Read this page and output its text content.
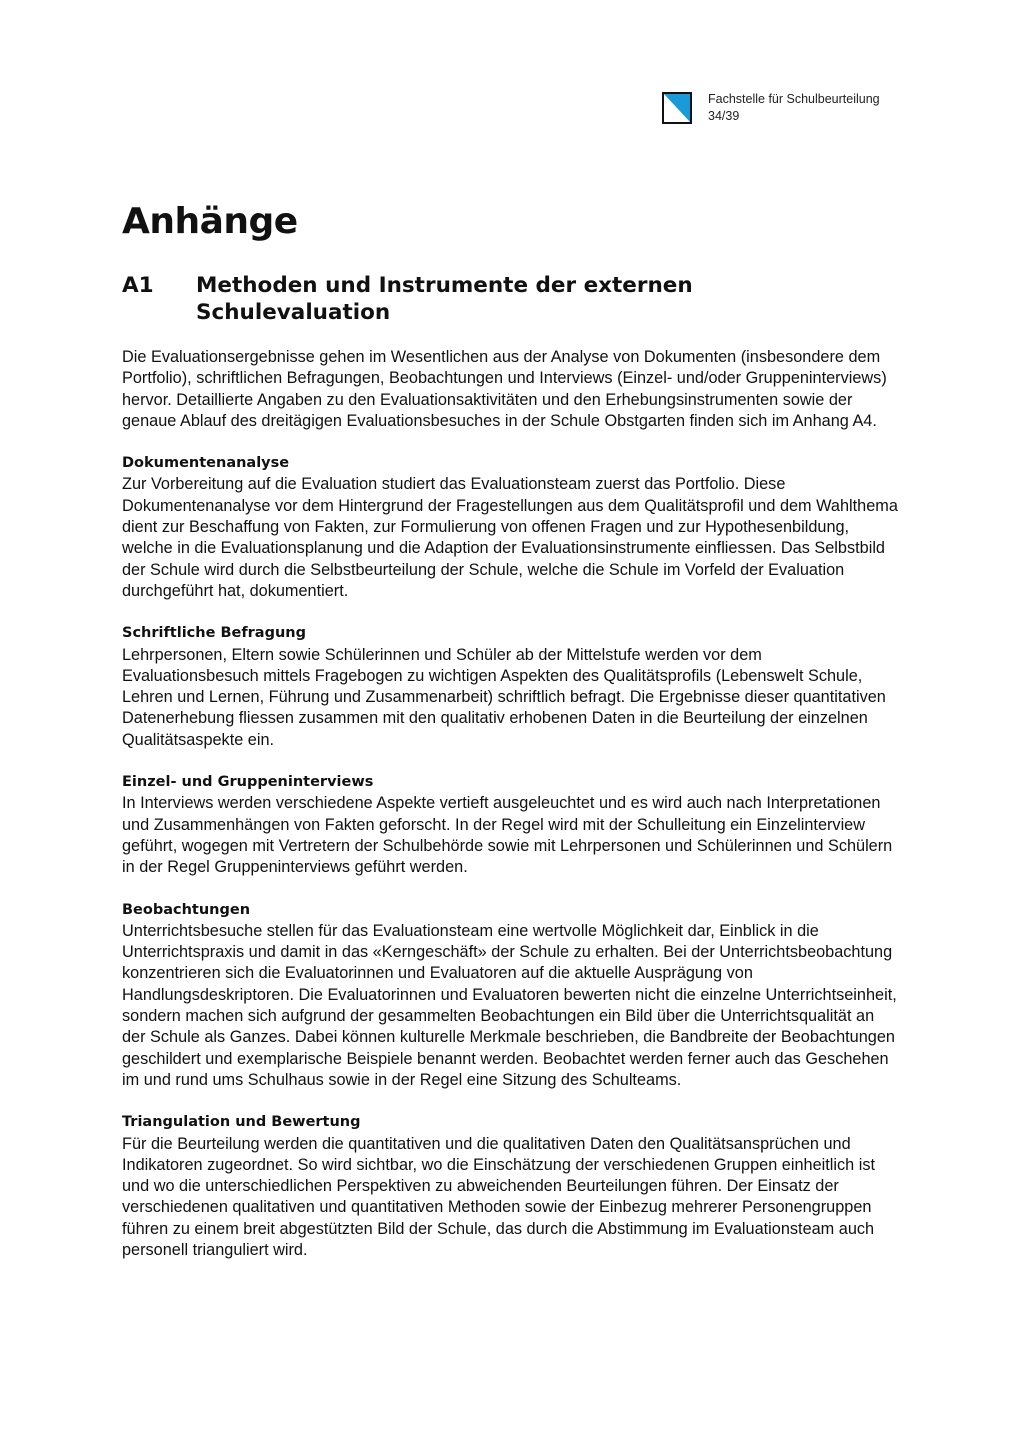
Fachstelle für Schulbeurteilung
34/39
Anhänge
A1	Methoden und Instrumente der externen Schulevaluation

Die Evaluationsergebnisse gehen im Wesentlichen aus der Analyse von Dokumenten (insbesondere dem Portfolio), schriftlichen Befragungen, Beobachtungen und Interviews (Einzel- und/oder Gruppeninterviews) hervor. Detaillierte Angaben zu den Evaluationsaktivitäten und den Erhebungsinstrumenten sowie der genaue Ablauf des dreitägigen Evaluationsbesuches in der Schule Obstgarten finden sich im Anhang A4.

Dokumentenanalyse

Zur Vorbereitung auf die Evaluation studiert das Evaluationsteam zuerst das Portfolio. Diese Dokumentenanalyse vor dem Hintergrund der Fragestellungen aus dem Qualitätsprofil und dem Wahlthema dient zur Beschaffung von Fakten, zur Formulierung von offenen Fragen und zur Hypothesenbildung, welche in die Evaluationsplanung und die Adaption der Evaluationsinstrumente einfliessen. Das Selbstbild der Schule wird durch die Selbstbeurteilung der Schule, welche die Schule im Vorfeld der Evaluation durchgeführt hat, dokumentiert.

Schriftliche Befragung

Lehrpersonen, Eltern sowie Schülerinnen und Schüler ab der Mittelstufe werden vor dem Evaluationsbesuch mittels Fragebogen zu wichtigen Aspekten des Qualitätsprofils (Lebenswelt Schule, Lehren und Lernen, Führung und Zusammenarbeit) schriftlich befragt. Die Ergebnisse dieser quantitativen Datenerhebung fliessen zusammen mit den qualitativ erhobenen Daten in die Beurteilung der einzelnen Qualitätsaspekte ein.

Einzel- und Gruppeninterviews

In Interviews werden verschiedene Aspekte vertieft ausgeleuchtet und es wird auch nach Interpretationen und Zusammenhängen von Fakten geforscht. In der Regel wird mit der Schulleitung ein Einzelinterview geführt, wogegen mit Vertretern der Schulbehörde sowie mit Lehrpersonen und Schülerinnen und Schülern in der Regel Gruppeninterviews geführt werden.

Beobachtungen

Unterrichtsbesuche stellen für das Evaluationsteam eine wertvolle Möglichkeit dar, Einblick in die Unterrichtspraxis und damit in das «Kerngeschäft» der Schule zu erhalten. Bei der Unterrichtsbeobachtung konzentrieren sich die Evaluatorinnen und Evaluatoren auf die aktuelle Ausprägung von Handlungsdeskriptoren. Die Evaluatorinnen und Evaluatoren bewerten nicht die einzelne Unterrichtseinheit, sondern machen sich aufgrund der gesammelten Beobachtungen ein Bild über die Unterrichtsqualität an der Schule als Ganzes. Dabei können kulturelle Merkmale beschrieben, die Bandbreite der Beobachtungen geschildert und exemplarische Beispiele benannt werden. Beobachtet werden ferner auch das Geschehen im und rund ums Schulhaus sowie in der Regel eine Sitzung des Schulteams.

Triangulation und Bewertung

Für die Beurteilung werden die quantitativen und die qualitativen Daten den Qualitätsansprüchen und Indikatoren zugeordnet. So wird sichtbar, wo die Einschätzung der verschiedenen Gruppen einheitlich ist und wo die unterschiedlichen Perspektiven zu abweichenden Beurteilungen führen. Der Einsatz der verschiedenen qualitativen und quantitativen Methoden sowie der Einbezug mehrerer Personengruppen führen zu einem breit abgestützten Bild der Schule, das durch die Abstimmung im Evaluationsteam auch personell trianguliert wird.
